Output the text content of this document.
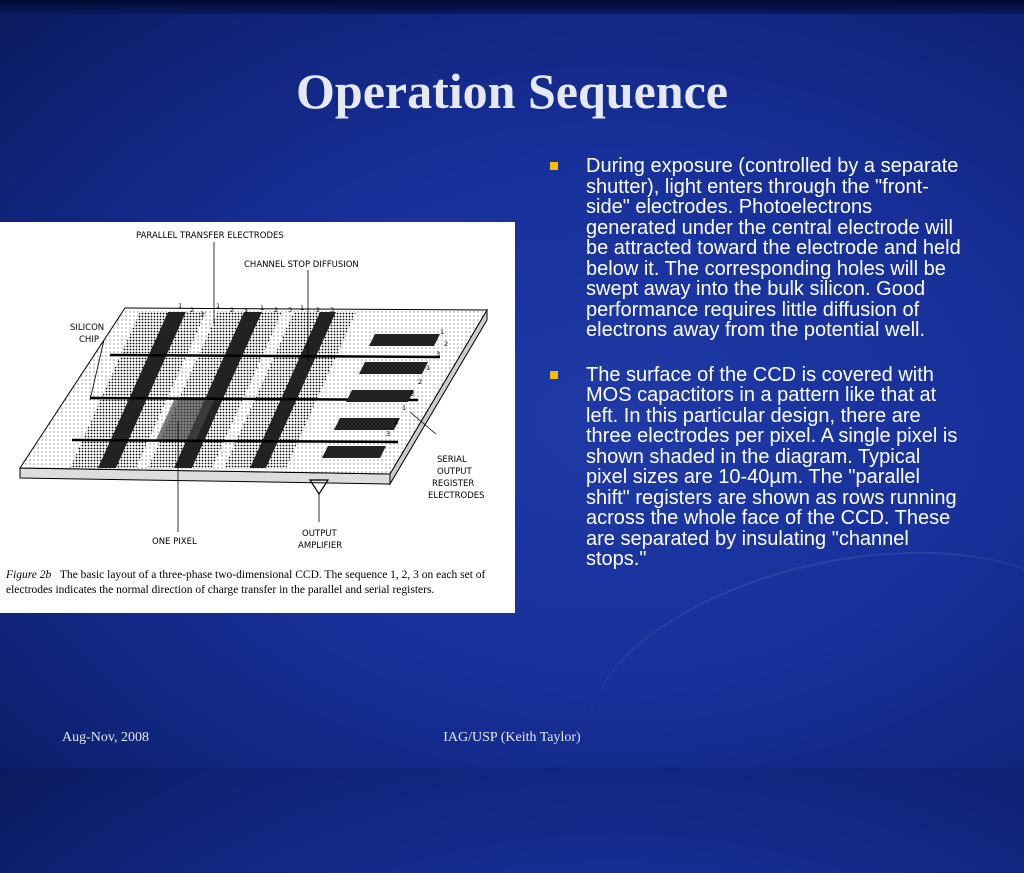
Operation Sequence
1 2 3
1 2 3 1 2 3 1 2 3
1
2
3
1
2
3
1
2
3
PARALLEL TRANSFER ELECTRODES
CHANNEL STOP DIFFUSION
SILICON
CHIP
SERIAL
OUTPUT
REGISTER
ELECTRODES
ONE PIXEL
OUTPUT
AMPLIFIER
Figure 2b The basic layout of a three-phase two-dimensional CCD. The sequence 1, 2, 3 on each set of electrodes indicates the normal direction of charge transfer in the parallel and serial registers.
During exposure (controlled by a separate shutter), light enters through the "front-side" electrodes. Photoelectrons generated under the central electrode will be attracted toward the electrode and held below it. The corresponding holes will be swept away into the bulk silicon. Good performance requires little diffusion of electrons away from the potential well.
The surface of the CCD is covered with MOS capactitors in a pattern like that at left. In this particular design, there are three electrodes per pixel. A single pixel is shown shaded in the diagram. Typical pixel sizes are 10-40µm. The "parallel shift" registers are shown as rows running across the whole face of the CCD. These are separated by insulating "channel stops."
Aug-Nov, 2008	IAG/USP (Keith Taylor)
